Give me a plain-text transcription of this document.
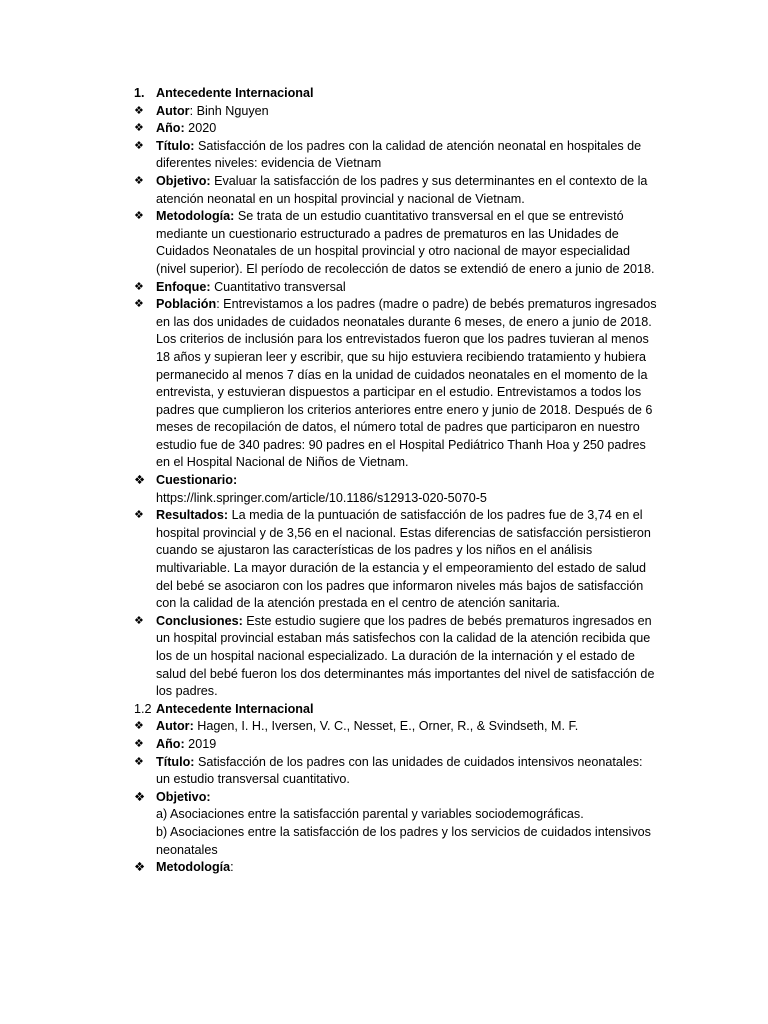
1. Antecedente Internacional
❖ Autor: Binh Nguyen
❖ Año: 2020
❖ Título: Satisfacción de los padres con la calidad de atención neonatal en hospitales de diferentes niveles: evidencia de Vietnam
❖ Objetivo: Evaluar la satisfacción de los padres y sus determinantes en el contexto de la atención neonatal en un hospital provincial y nacional de Vietnam.
❖ Metodología: Se trata de un estudio cuantitativo transversal en el que se entrevistó mediante un cuestionario estructurado a padres de prematuros en las Unidades de Cuidados Neonatales de un hospital provincial y otro nacional de mayor especialidad (nivel superior). El período de recolección de datos se extendió de enero a junio de 2018.
❖ Enfoque: Cuantitativo transversal
❖ Población: Entrevistamos a los padres (madre o padre) de bebés prematuros ingresados en las dos unidades de cuidados neonatales durante 6 meses, de enero a junio de 2018. Los criterios de inclusión para los entrevistados fueron que los padres tuvieran al menos 18 años y supieran leer y escribir, que su hijo estuviera recibiendo tratamiento y hubiera permanecido al menos 7 días en la unidad de cuidados neonatales en el momento de la entrevista, y estuvieran dispuestos a participar en el estudio. Entrevistamos a todos los padres que cumplieron los criterios anteriores entre enero y junio de 2018. Después de 6 meses de recopilación de datos, el número total de padres que participaron en nuestro estudio fue de 340 padres: 90 padres en el Hospital Pediátrico Thanh Hoa y 250 padres en el Hospital Nacional de Niños de Vietnam.
❖ Cuestionario:
https://link.springer.com/article/10.1186/s12913-020-5070-5
❖ Resultados: La media de la puntuación de satisfacción de los padres fue de 3,74 en el hospital provincial y de 3,56 en el nacional. Estas diferencias de satisfacción persistieron cuando se ajustaron las características de los padres y los niños en el análisis multivariable. La mayor duración de la estancia y el empeoramiento del estado de salud del bebé se asociaron con los padres que informaron niveles más bajos de satisfacción con la calidad de la atención prestada en el centro de atención sanitaria.
❖ Conclusiones: Este estudio sugiere que los padres de bebés prematuros ingresados en un hospital provincial estaban más satisfechos con la calidad de la atención recibida que los de un hospital nacional especializado. La duración de la internación y el estado de salud del bebé fueron los dos determinantes más importantes del nivel de satisfacción de los padres.
1.2 Antecedente Internacional
❖ Autor: Hagen, I. H., Iversen, V. C., Nesset, E., Orner, R., & Svindseth, M. F.
❖ Año: 2019
❖ Título: Satisfacción de los padres con las unidades de cuidados intensivos neonatales: un estudio transversal cuantitativo.
❖ Objetivo:
a) Asociaciones entre la satisfacción parental y variables sociodemográficas.
b) Asociaciones entre la satisfacción de los padres y los servicios de cuidados intensivos neonatales
❖ Metodología:
